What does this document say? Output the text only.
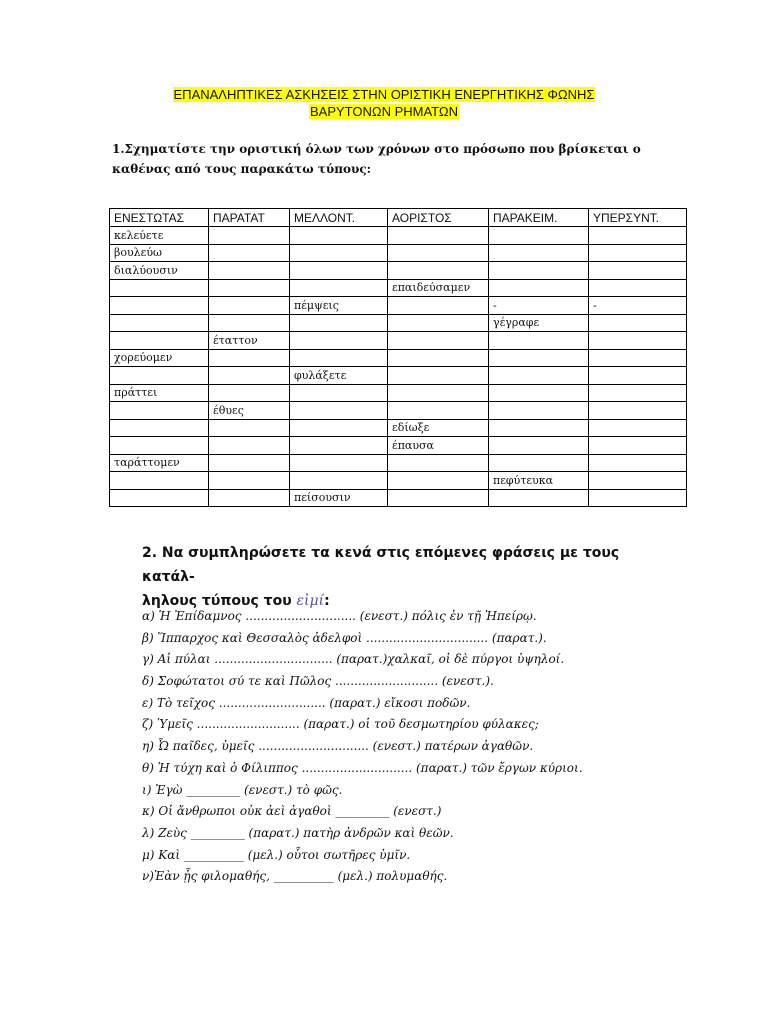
ΕΠΑΝΑΛΗΠΤΙΚΕΣ ΑΣΚΗΣΕΙΣ ΣΤΗΝ ΟΡΙΣΤΙΚΗ ΕΝΕΡΓΗΤΙΚΗΣ ΦΩΝΗΣ
ΒΑΡΥΤΟΝΩΝ ΡΗΜΑΤΩΝ
1.Σχηματίστε την οριστική όλων των χρόνων στο πρόσωπο που βρίσκεται ο καθένας από τους παρακάτω τύπους:
ΕΝΕΣΤΩΤΑΣ	ΠΑΡΑΤΑΤ	ΜΕΛΛΟΝΤ.	ΑΟΡΙΣΤΟΣ	ΠΑΡΑΚΕΙΜ.	ΥΠΕΡΣΥΝΤ.
κελεύετε					
βουλεύω					
διαλύουσιν					
			επαιδεύσαμεν		
		πέμψεις		-	-
				γέγραφε	
	έταττον				
χορεύομεν					
		φυλάξετε			
πράττει					
	έθυες				
			εδίωξε		
			έπαυσα		
ταράττομεν					
				πεφύτευκα	
		πείσουσιν			
2. Να συμπληρώσετε τα κενά στις επόμενες φράσεις με τους κατάλ-
ληλους τύπους του εἰμί:
α) Ἡ Ἐπίδαμνος ............................. (ενεστ.) πόλις ἐν τῇ Ἠπείρῳ.
β) Ἵππαρχος καὶ Θεσσαλὸς ἀδελφοὶ ................................ (παρατ.).
γ) Αἱ πύλαι ............................... (παρατ.)χαλκαῖ, οἱ δὲ πύργοι ὑψηλοί.
δ) Σοφώτατοι σύ τε καὶ Πῶλος ........................... (ενεστ.).
ε) Τὸ τεῖχος ............................ (παρατ.) εἴκοσι ποδῶν.
ζ) Ὑμεῖς ........................... (παρατ.) οἱ τοῦ δεσμωτηρίου φύλακες;
η) Ὦ παῖδες, ὑμεῖς ............................. (ενεστ.) πατέρων ἀγαθῶν.
θ) Ἡ τύχη καὶ ὁ Φίλιππος ............................. (παρατ.) τῶν ἔργων κύριοι.
ι) Ἐγὼ _________ (ενεστ.) τὸ φῶς.
κ) Οἱ ἄνθρωποι οὐκ ἀεὶ ἀγαθοὶ _________ (ενεστ.)
λ) Ζεὺς _________ (παρατ.) πατὴρ ἀνδρῶν καὶ θεῶν.
μ) Καὶ __________ (μελ.) οὗτοι σωτῆρες ὑμῖν.
ν)Ἐὰν ᾖς φιλομαθής, __________ (μελ.) πολυμαθής.
